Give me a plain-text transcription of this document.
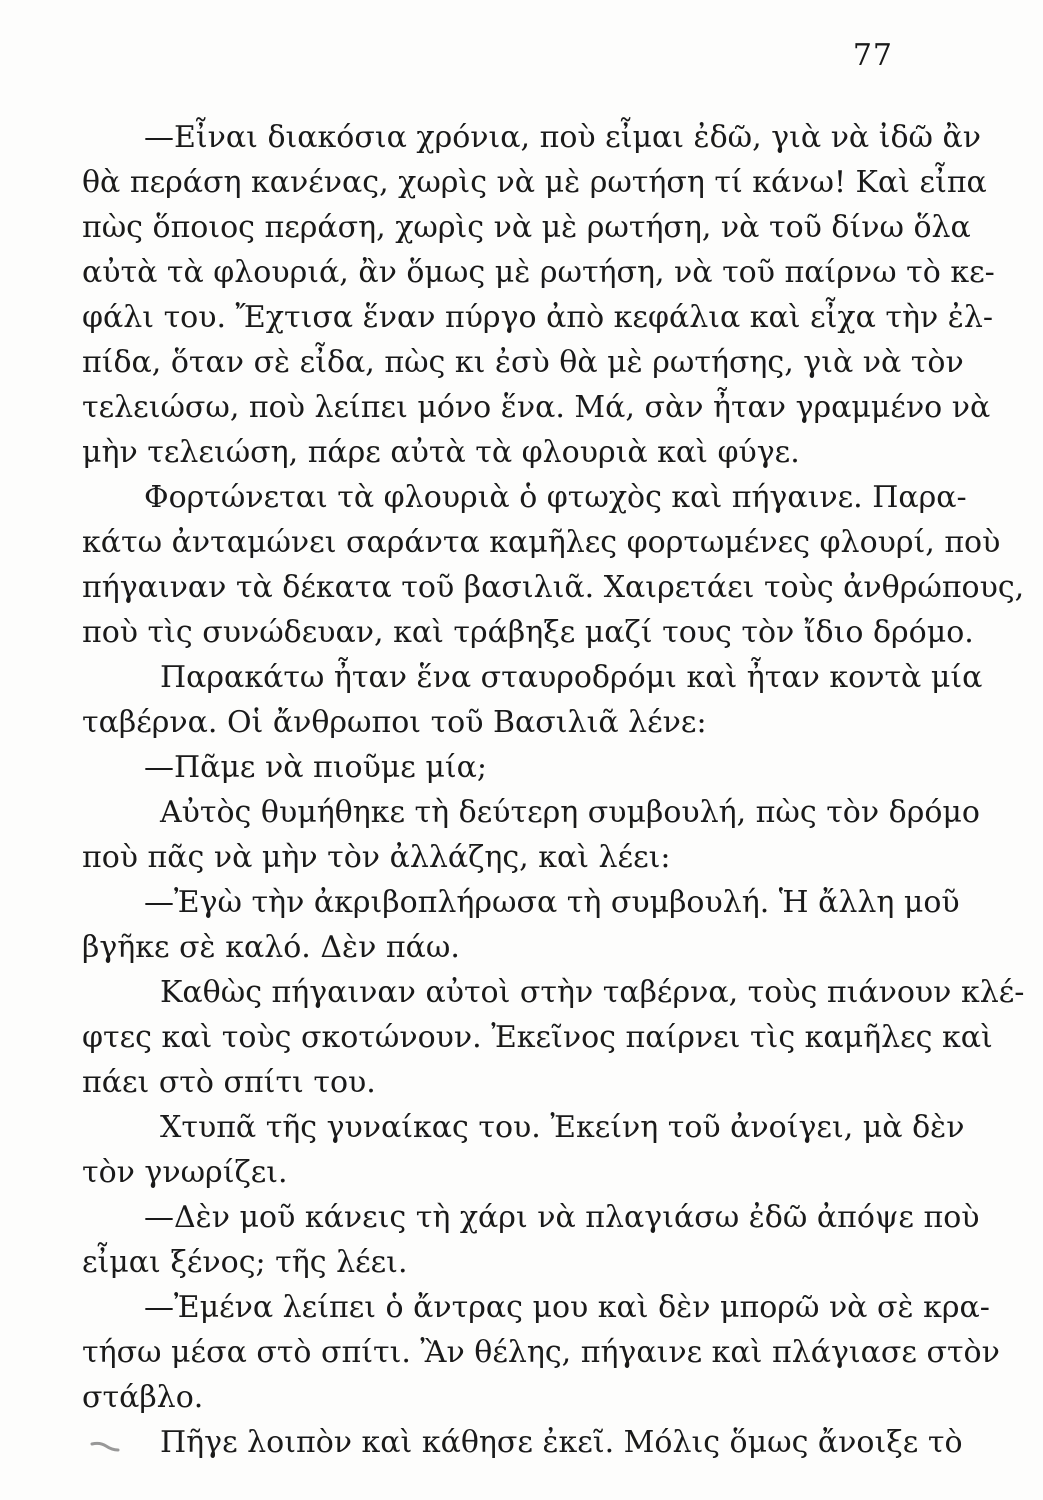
77
—Εἶναι διακόσια χρόνια, ποὺ εἶμαι ἐδῶ, γιὰ νὰ ἰδῶ ἂν
θὰ περάση κανένας, χωρὶς νὰ μὲ ρωτήση τί κάνω! Καὶ εἶπα
πὼς ὅποιος περάση, χωρὶς νὰ μὲ ρωτήση, νὰ τοῦ δίνω ὅλα
αὐτὰ τὰ φλουριά, ἂν ὅμως μὲ ρωτήση, νὰ τοῦ παίρνω τὸ κε-
φάλι του. Ἔχτισα ἕναν πύργο ἀπὸ κεφάλια καὶ εἶχα τὴν ἐλ-
πίδα, ὅταν σὲ εἶδα, πὼς κι ἐσὺ θὰ μὲ ρωτήσης, γιὰ νὰ τὸν
τελειώσω, ποὺ λείπει μόνο ἕνα. Μά, σὰν ἦταν γραμμένο νὰ
μὴν τελειώση, πάρε αὐτὰ τὰ φλουριὰ καὶ φύγε.
Φορτώνεται τὰ φλουριὰ ὁ φτωχὸς καὶ πήγαινε. Παρα-
κάτω ἀνταμώνει σαράντα καμῆλες φορτωμένες φλουρί, ποὺ
πήγαιναν τὰ δέκατα τοῦ βασιλιᾶ. Χαιρετάει τοὺς ἀνθρώπους,
ποὺ τὶς συνώδευαν, καὶ τράβηξε μαζί τους τὸν ἴδιο δρόμο.
Παρακάτω ἦταν ἕνα σταυροδρόμι καὶ ἦταν κοντὰ μία
ταβέρνα. Οἱ ἄνθρωποι τοῦ Βασιλιᾶ λένε:
—Πᾶμε νὰ πιοῦμε μία;
Αὐτὸς θυμήθηκε τὴ δεύτερη συμβουλή, πὼς τὸν δρόμο
ποὺ πᾶς νὰ μὴν τὸν ἀλλάζης, καὶ λέει:
—Ἐγὼ τὴν ἀκριβοπλήρωσα τὴ συμβουλή. Ἡ ἄλλη μοῦ
βγῆκε σὲ καλό. Δὲν πάω.
Καθὼς πήγαιναν αὐτοὶ στὴν ταβέρνα, τοὺς πιάνουν κλέ-
φτες καὶ τοὺς σκοτώνουν. Ἐκεῖνος παίρνει τὶς καμῆλες καὶ
πάει στὸ σπίτι του.
Χτυπᾶ τῆς γυναίκας του. Ἐκείνη τοῦ ἀνοίγει, μὰ δὲν
τὸν γνωρίζει.
—Δὲν μοῦ κάνεις τὴ χάρι νὰ πλαγιάσω ἐδῶ ἀπόψε ποὺ
εἶμαι ξένος; τῆς λέει.
—Ἐμένα λείπει ὁ ἄντρας μου καὶ δὲν μπορῶ νὰ σὲ κρα-
τήσω μέσα στὸ σπίτι. Ἂν θέλης, πήγαινε καὶ πλάγιασε στὸν
στάβλο.
Πῆγε λοιπὸν καὶ κάθησε ἐκεῖ. Μόλις ὅμως ἄνοιξε τὸ
